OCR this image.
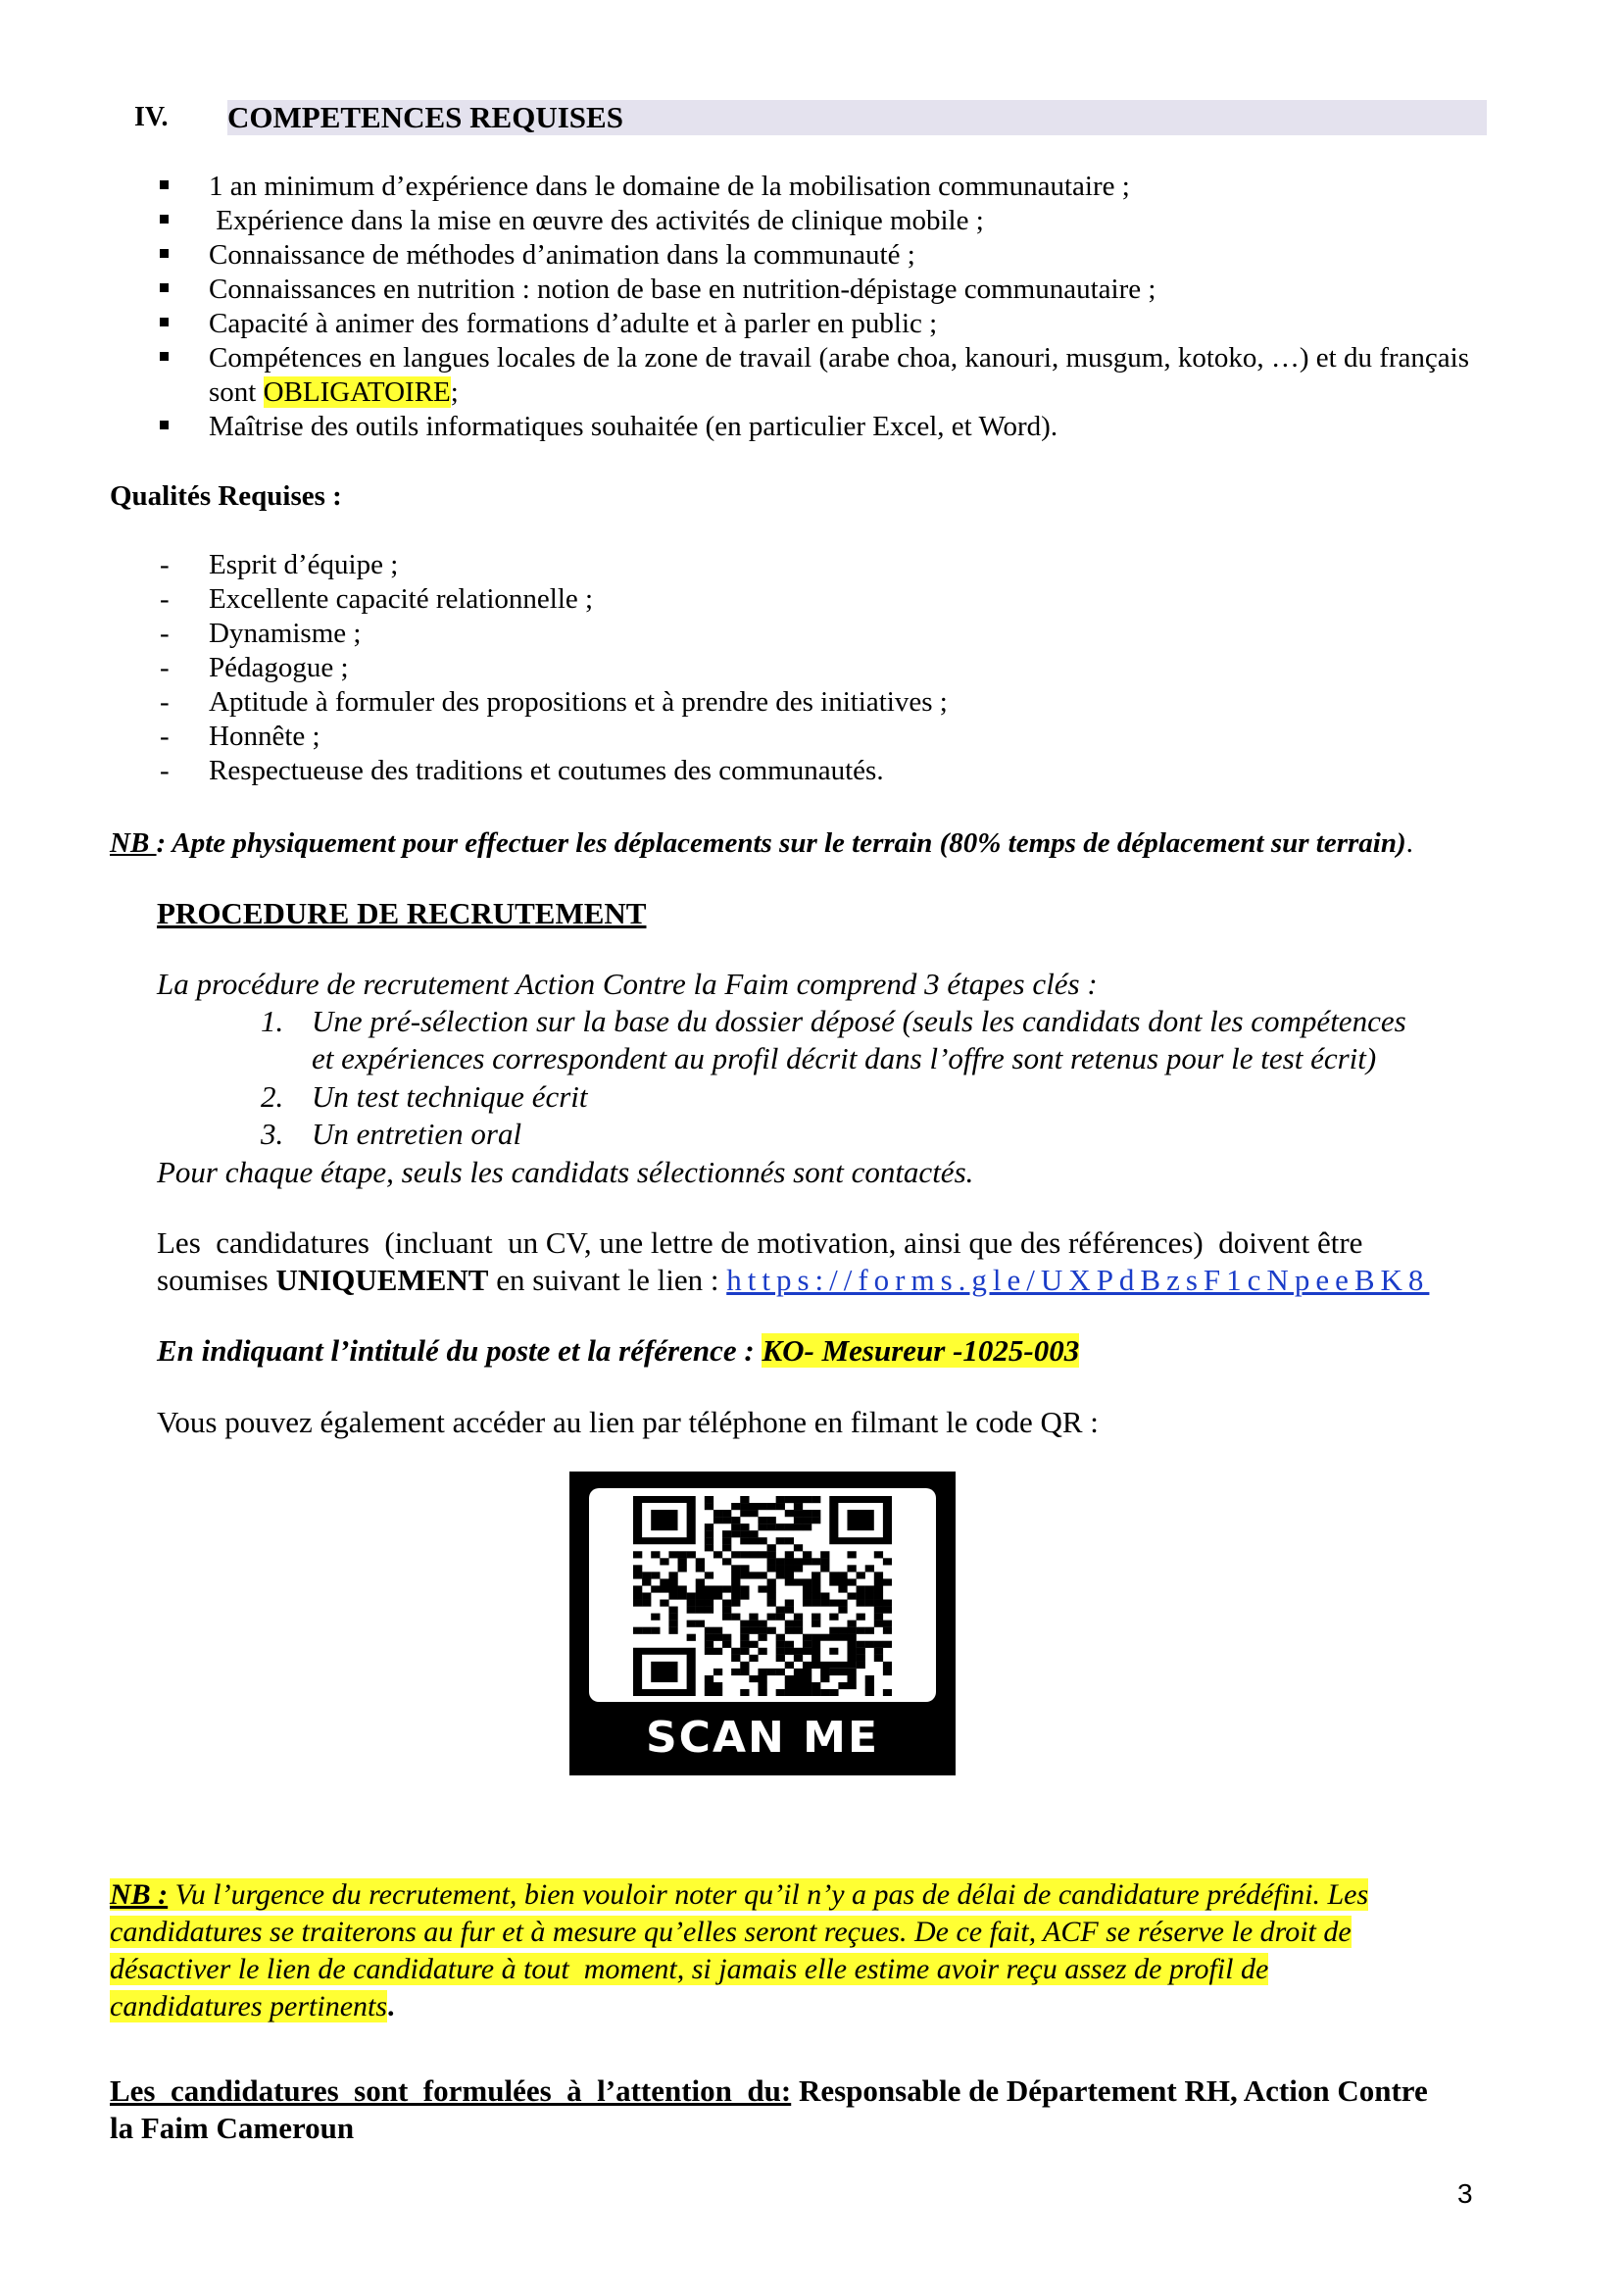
IV. COMPETENCES REQUISES
1 an minimum d’expérience dans le domaine de la mobilisation communautaire ;
Expérience dans la mise en œuvre des activités de clinique mobile ;
Connaissance de méthodes d’animation dans la communauté ;
Connaissances en nutrition : notion de base en nutrition-dépistage communautaire ;
Capacité à animer des formations d’adulte et à parler en public ;
Compétences en langues locales de la zone de travail (arabe choa, kanouri, musgum, kotoko, …) et du français
sont OBLIGATOIRE;
Maîtrise des outils informatiques souhaitée (en particulier Excel, et Word).
Qualités Requises :
- Esprit d’équipe ;
- Excellente capacité relationnelle ;
- Dynamisme ;
- Pédagogue ;
- Aptitude à formuler des propositions et à prendre des initiatives ;
- Honnête ;
- Respectueuse des traditions et coutumes des communautés.
NB : Apte physiquement pour effectuer les déplacements sur le terrain (80% temps de déplacement sur terrain).
PROCEDURE DE RECRUTEMENT
La procédure de recrutement Action Contre la Faim comprend 3 étapes clés :
1. Une pré-sélection sur la base du dossier déposé (seuls les candidats dont les compétences
et expériences correspondent au profil décrit dans l’offre sont retenus pour le test écrit)
2. Un test technique écrit
3. Un entretien oral
Pour chaque étape, seuls les candidats sélectionnés sont contactés.
Les  candidatures  (incluant  un CV, une lettre de motivation, ainsi que des références)  doivent être
soumises UNIQUEMENT en suivant le lien : https://forms.gle/UXPdBzsF1cNpeeBK8
En indiquant l’intitulé du poste et la référence : KO- Mesureur -1025-003
Vous pouvez également accéder au lien par téléphone en filmant le code QR :
SCAN ME
NB : Vu l’urgence du recrutement, bien vouloir noter qu’il n’y a pas de délai de candidature prédéfini. Les
candidatures se traiterons au fur et à mesure qu’elles seront reçues. De ce fait, ACF se réserve le droit de
désactiver le lien de candidature à tout  moment, si jamais elle estime avoir reçu assez de profil de
candidatures pertinents.
Les  candidatures  sont  formulées  à  l’attention  du: Responsable de Département RH, Action Contre
la Faim Cameroun
3
